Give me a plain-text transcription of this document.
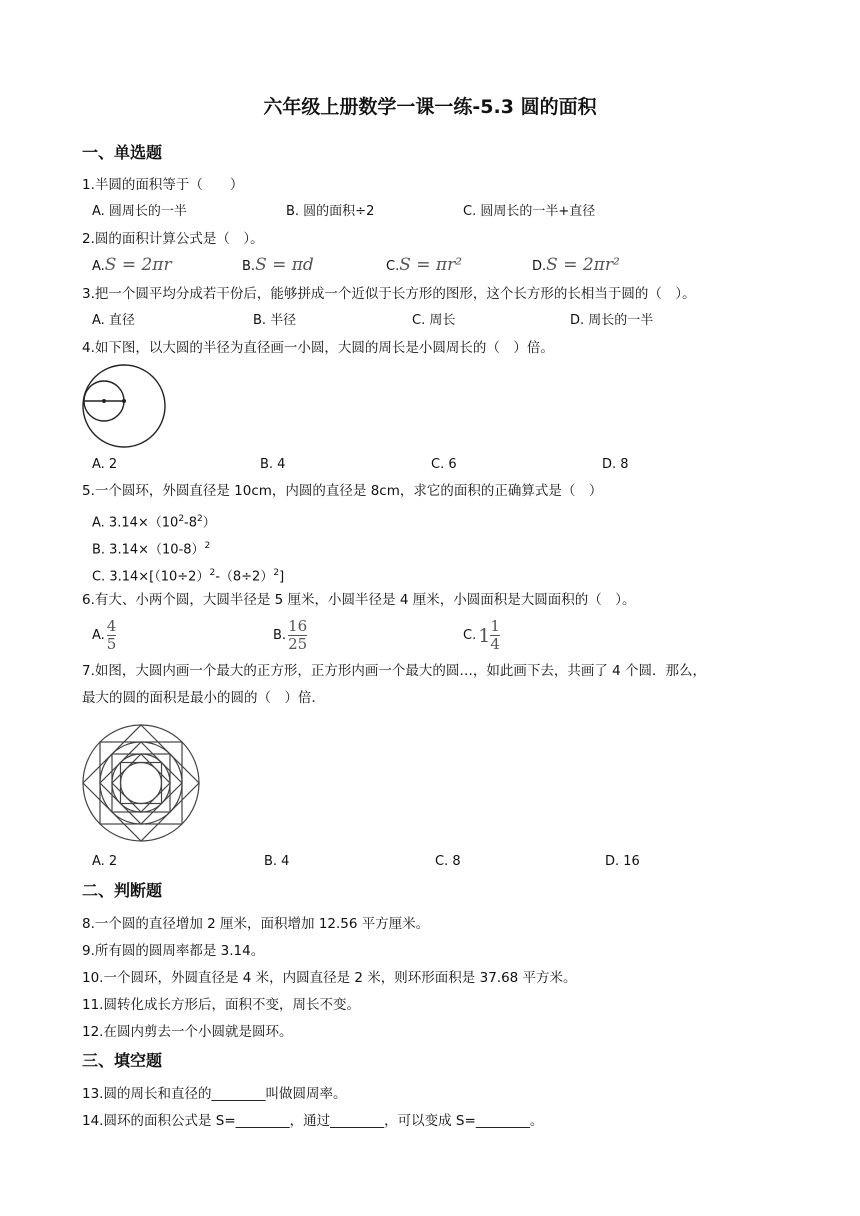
六年级上册数学一课一练-5.3 圆的面积
一、单选题
1.半圆的面积等于（　　）
A. 圆周长的一半	B. 圆的面积÷2	C. 圆周长的一半+直径
2.圆的面积计算公式是（　）。
A.S = 2πr	B.S = πd	C.S = πr²	D.S = 2πr²
3.把一个圆平均分成若干份后，能够拼成一个近似于长方形的图形，这个长方形的长相当于圆的（　）。
A. 直径	B. 半径	C. 周长	D. 周长的一半
4.如下图，以大圆的半径为直径画一小圆，大圆的周长是小圆周长的（　）倍。
A. 2	B. 4	C. 6	D. 8
5.一个圆环，外圆直径是 10cm，内圆的直径是 8cm，求它的面积的正确算式是（　）
A. $3.14\times(10^2-8^2)$
B. $3.14\times(10-8)^2$
C. $3.14\times[(10\div 2)^2-(8\div 2)^2]$
6.有大、小两个圆，大圆半径是 5 厘米，小圆半径是 4 厘米，小圆面积是大圆面积的（　）。
A. $\frac{4}{5}$	B. $\frac{16}{25}$	C. $1 \frac{1}{4}$
7.如图，大圆内画一个最大的正方形，正方形内画一个最大的圆…，如此画下去，共画了 4 个圆．那么，
最大的圆的面积是最小的圆的（　）倍．
A. 2	B. 4	C. 8	D. 16
二、判断题
8.一个圆的直径增加 2 厘米，面积增加 12.56 平方厘米。
9.所有圆的圆周率都是 3.14。
10.一个圆环，外圆直径是 4 米，内圆直径是 2 米，则环形面积是 37.68 平方米。
11.圆转化成长方形后，面积不变，周长不变。
12.在圆内剪去一个小圆就是圆环。
三、填空题
13.圆的周长和直径的________叫做圆周率。
14.圆环的面积公式是 S=________，通过________，可以变成 S=________。
